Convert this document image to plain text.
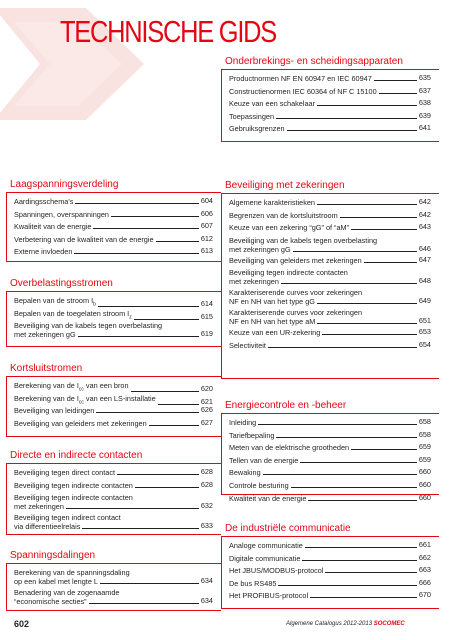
TECHNISCHE GIDS
Onderbrekings- en scheidingsapparaten
Productnormen NF EN 60947 en IEC 60947	635
Constructienormen IEC 60364 of NF C 15100	637
Keuze van een schakelaar	638
Toepassingen	639
Gebruiksgrenzen	641
Laagspanningsverdeling
Aardingsschema's	604
Spanningen, overspanningen	606
Kwaliteit van de energie	607
Verbetering van de kwaliteit van de energie	612
Externe invloeden	613
Overbelastingsstromen
Bepalen van de stroom $I_b$	614
Bepalen van de toegelaten stroom $I_z$	615
Beveiliging van de kabels tegen overbelasting
met zekeringen gG	619
Beveiliging met zekeringen
Algemene karakteristieken	642
Begrenzen van de kortsluitstroom	642
Keuze van een zekering “gG” of “aM”	643
Beveiliging van de kabels tegen overbelasting
met zekeringen gG	646
Beveiliging van geleiders met zekeringen	647
Beveiliging tegen indirecte contacten
met zekeringen	648
Karakteriserende curves voor zekeringen
NF en NH van het type gG	649
Karakteriserende curves voor zekeringen
NF en NH van het type aM	651
Keuze van een UR-zekering	653
Selectiviteit	654
Kortsluitstromen
Berekening van de $I_{cc}$ van een bron	620
Berekening van de $I_{cc}$ van een LS-installatie	621
Beveiliging van leidingen	626
Beveiliging van geleiders met zekeringen	627
Directe en indirecte contacten
Beveiliging tegen direct contact	628
Beveiliging tegen indirecte contacten	628
Beveiliging tegen indirecte contacten
met zekeringen	632
Beveiliging tegen indirect contact
via differentieelrelais	633
Spanningsdalingen
Berekening van de spanningsdaling
op een kabel met lengte L	634
Benadering van de zogenaamde
“economische secties”	634
Energiecontrole en -beheer
Inleiding	658
Tariefbepaling	658
Meten van de elektrische grootheden	659
Tellen van de energie	659
Bewaking	660
Controle besturing	660
Kwaliteit van de energie	660
De industriële communicatie
Analoge communicatie	661
Digitale communicatie	662
Het JBUS/MODBUS-protocol	663
De bus RS485	666
Het PROFIBUS-protocol	670
602	Algemene Catalogus 2012-2013 SOCOMEC
